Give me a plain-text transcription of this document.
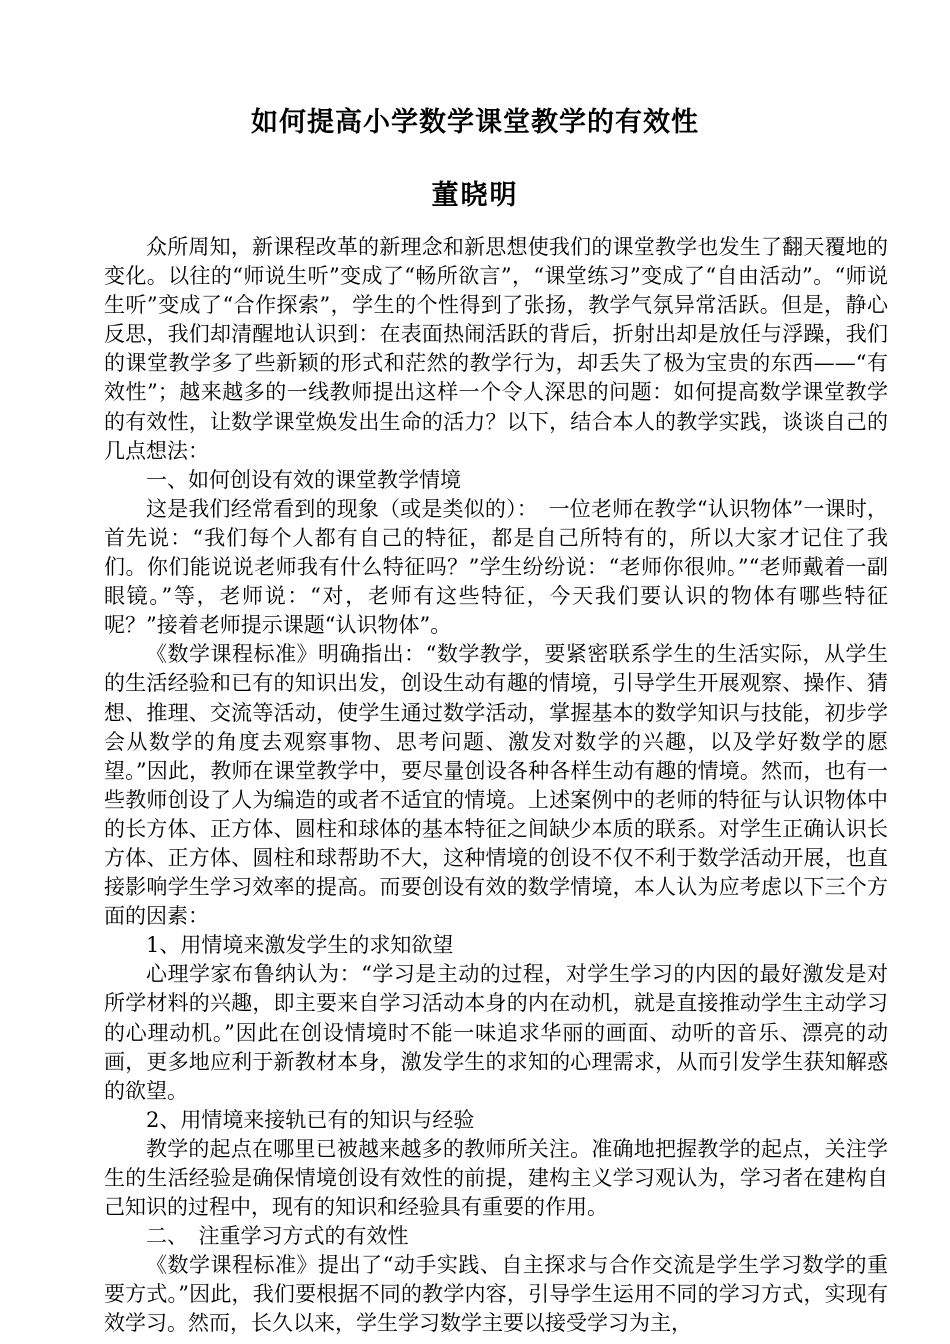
如何提高小学数学课堂教学的有效性
董晓明

众所周知，新课程改革的新理念和新思想使我们的课堂教学也发生了翻天覆地的变化。以往的“师说生听”变成了“畅所欲言”，“课堂练习”变成了“自由活动”。“师说生听”变成了“合作探索”，学生的个性得到了张扬，教学气氛异常活跃。但是，静心反思，我们却清醒地认识到：在表面热闹活跃的背后，折射出却是放任与浮躁，我们的课堂教学多了些新颖的形式和茫然的教学行为，却丢失了极为宝贵的东西——“有效性”；越来越多的一线教师提出这样一个令人深思的问题：如何提高数学课堂教学的有效性，让数学课堂焕发出生命的活力？以下，结合本人的教学实践，谈谈自己的几点想法：

一、如何创设有效的课堂教学情境

这是我们经常看到的现象（或是类似的）：　一位老师在教学“认识物体”一课时，首先说：“我们每个人都有自己的特征，都是自己所特有的，所以大家才记住了我们。你们能说说老师我有什么特征吗？”学生纷纷说：“老师你很帅。”“老师戴着一副眼镜。”等，老师说：“对，老师有这些特征，今天我们要认识的物体有哪些特征呢？”接着老师提示课题“认识物体”。

《数学课程标准》明确指出：“数学教学，要紧密联系学生的生活实际，从学生的生活经验和已有的知识出发，创设生动有趣的情境，引导学生开展观察、操作、猜想、推理、交流等活动，使学生通过数学活动，掌握基本的数学知识与技能，初步学会从数学的角度去观察事物、思考问题、激发对数学的兴趣，以及学好数学的愿望。”因此，教师在课堂教学中，要尽量创设各种各样生动有趣的情境。然而，也有一些教师创设了人为编造的或者不适宜的情境。上述案例中的老师的特征与认识物体中的长方体、正方体、圆柱和球体的基本特征之间缺少本质的联系。对学生正确认识长方体、正方体、圆柱和球帮助不大，这种情境的创设不仅不利于数学活动开展，也直接影响学生学习效率的提高。而要创设有效的数学情境，本人认为应考虑以下三个方面的因素：

1、用情境来激发学生的求知欲望

心理学家布鲁纳认为：“学习是主动的过程，对学生学习的内因的最好激发是对所学材料的兴趣，即主要来自学习活动本身的内在动机，就是直接推动学生主动学习的心理动机。”因此在创设情境时不能一味追求华丽的画面、动听的音乐、漂亮的动画，更多地应利于新教材本身，激发学生的求知的心理需求，从而引发学生获知解惑的欲望。

2、用情境来接轨已有的知识与经验

教学的起点在哪里已被越来越多的教师所关注。准确地把握教学的起点，关注学生的生活经验是确保情境创设有效性的前提，建构主义学习观认为，学习者在建构自己知识的过程中，现有的知识和经验具有重要的作用。

二、　注重学习方式的有效性

《数学课程标准》提出了“动手实践、自主探求与合作交流是学生学习数学的重要方式。”因此，我们要根据不同的教学内容，引导学生运用不同的学习方式，实现有效学习。然而，长久以来，学生学习数学主要以接受学习为主，
